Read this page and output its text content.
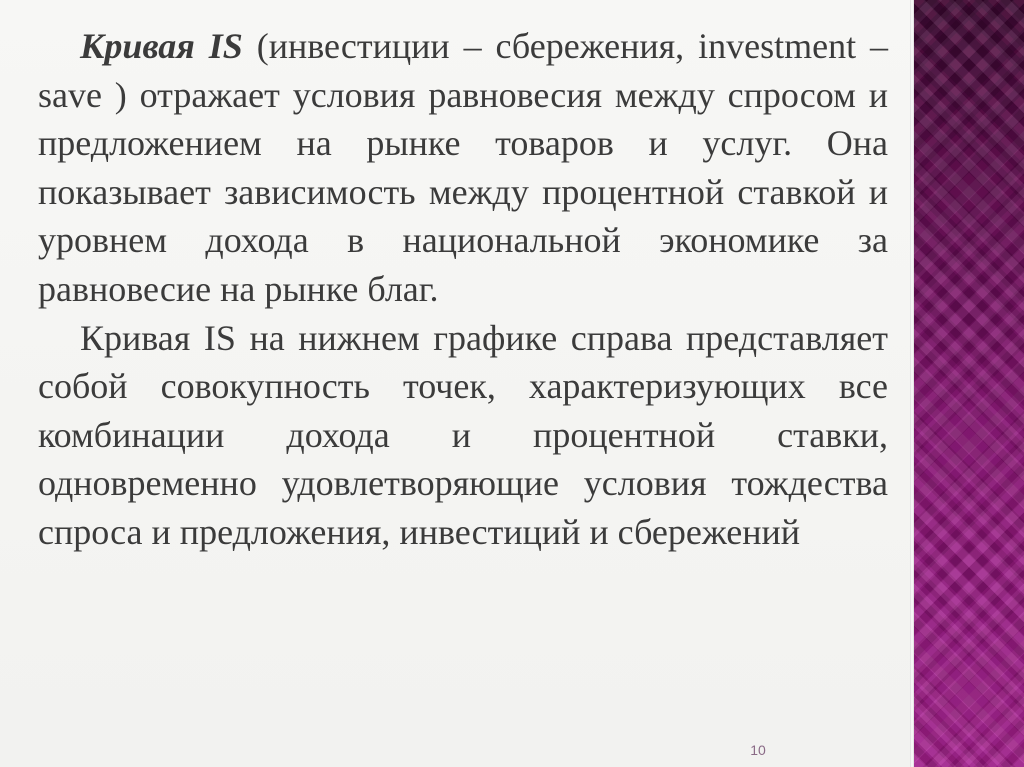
Кривая IS (инвестиции – сбережения, investment – save ) отражает условия равновесия между спросом и предложением на рынке товаров и услуг. Она показывает зависимость между процентной ставкой и уровнем дохода в национальной экономике за равновесие на рынке благ.

Кривая IS на нижнем графике справа представляет собой совокупность точек, характеризующих все комбинации дохода и процентной ставки, одновременно удовлетворяющие условия тождества спроса и предложения, инвестиций и сбережений

10
